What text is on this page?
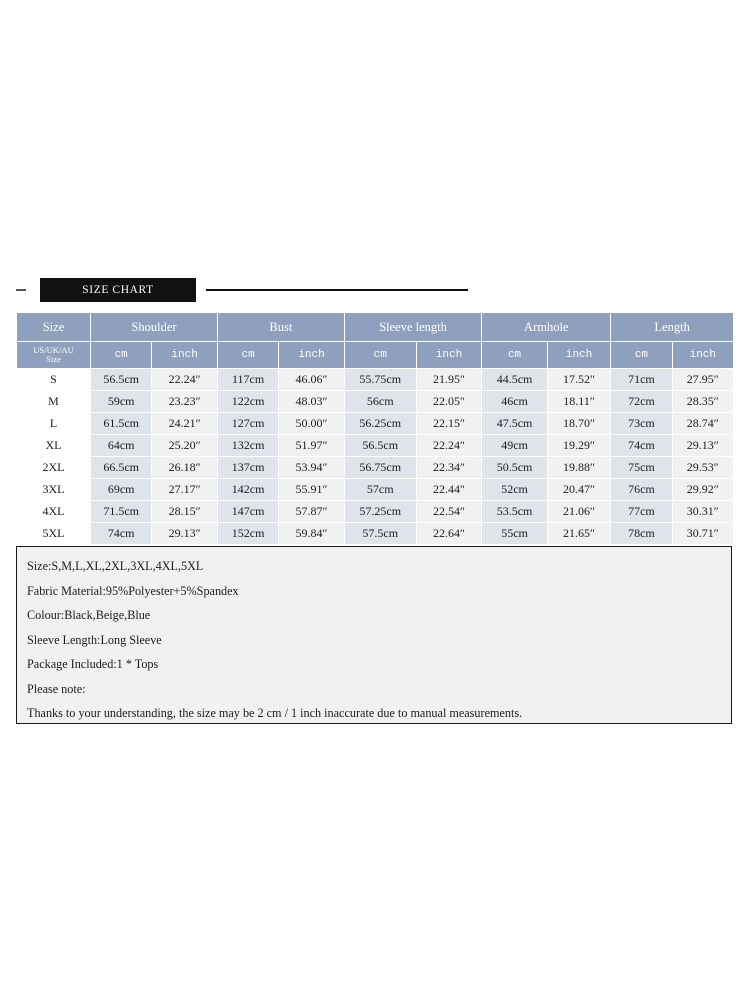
· · · · · · · · · · · ·
SIZE CHART
Size	Shoulder		Bust		Sleeve length		Armhole		Length	

US/UK/AU
Size	cm	inch	cm	inch	cm	inch	cm	inch	cm	inch
S	56.5cm	22.24″	117cm	46.06″	55.75cm	21.95″	44.5cm	17.52″	71cm	27.95″
M	59cm	23.23″	122cm	48.03″	56cm	22.05″	46cm	18.11″	72cm	28.35″
L	61.5cm	24.21″	127cm	50.00″	56.25cm	22.15″	47.5cm	18.70″	73cm	28.74″
XL	64cm	25.20″	132cm	51.97″	56.5cm	22.24″	49cm	19.29″	74cm	29.13″
2XL	66.5cm	26.18″	137cm	53.94″	56.75cm	22.34″	50.5cm	19.88″	75cm	29.53″
3XL	69cm	27.17″	142cm	55.91″	57cm	22.44″	52cm	20.47″	76cm	29.92″
4XL	71.5cm	28.15″	147cm	57.87″	57.25cm	22.54″	53.5cm	21.06″	77cm	30.31″
5XL	74cm	29.13″	152cm	59.84″	57.5cm	22.64″	55cm	21.65″	78cm	30.71″

Size:S,M,L,XL,2XL,3XL,4XL,5XL

Fabric Material:95%Polyester+5%Spandex

Colour:Black,Beige,Blue

Sleeve Length:Long Sleeve

Package Included:1 * Tops

Please note:

Thanks to your understanding, the size may be 2 cm / 1 inch inaccurate due to manual measurements.
